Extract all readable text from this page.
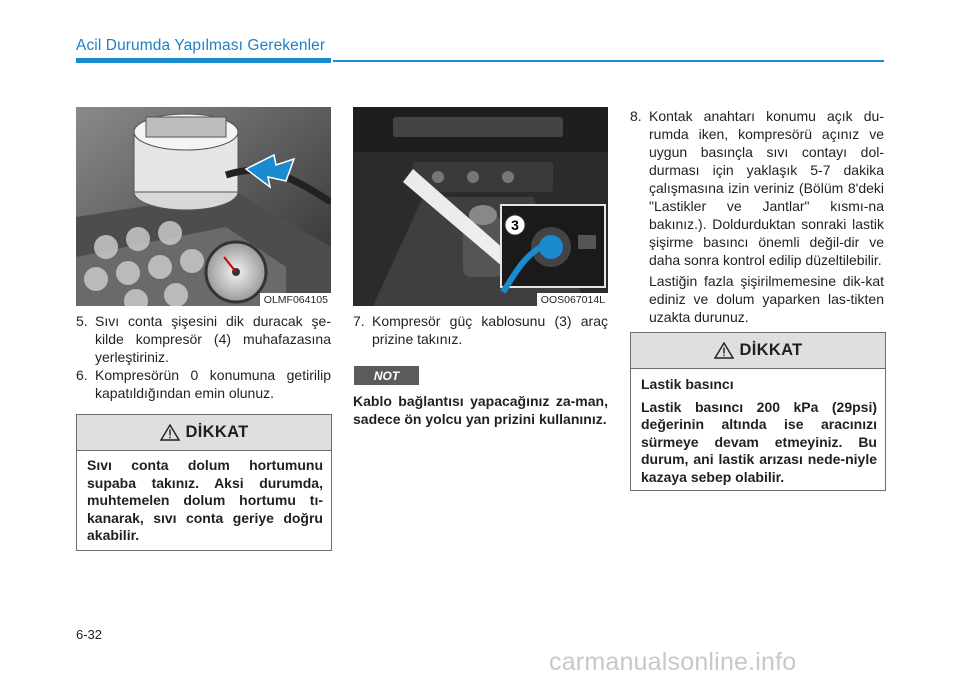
Acil Durumda Yapılması Gerekenler
OLMF064105
3
OOS067014L
5. Sıvı conta şişesini dik duracak şe-kilde kompresör (4) muhafazasına yerleştiriniz.
6. Kompresörün 0 konumuna getirilip kapatıldığından emin olunuz.
DİKKAT

Sıvı conta dolum hortumunu supaba takınız. Aksi durumda, muhtemelen dolum hortumu tı-kanarak, sıvı conta geriye doğru akabilir.

7. Kompresör güç kablosunu (3) araç prizine takınız.
NOT
Kablo bağlantısı yapacağınız za-man, sadece ön yolcu yan prizini kullanınız.
8. Kontak anahtarı konumu açık du-rumda iken, kompresörü açınız ve uygun basınçla sıvı contayı dol-durması için yaklaşık 5-7 dakika çalışmasına izin veriniz (Bölüm 8'deki "Lastikler ve Jantlar" kısmı-na bakınız.). Doldurduktan sonraki lastik şişirme basıncı önemli değil-dir ve daha sonra kontrol edilip düzeltilebilir.
Lastiğin fazla şişirilmemesine dik-kat ediniz ve dolum yaparken las-tikten uzakta durunuz.
DİKKAT

Lastik basıncı

Lastik basıncı 200 kPa (29psi) değerinin altında ise aracınızı sürmeye devam etmeyiniz. Bu durum, ani lastik arızası nede-niyle kazaya sebep olabilir.

6-32
carmanualsonline.info
